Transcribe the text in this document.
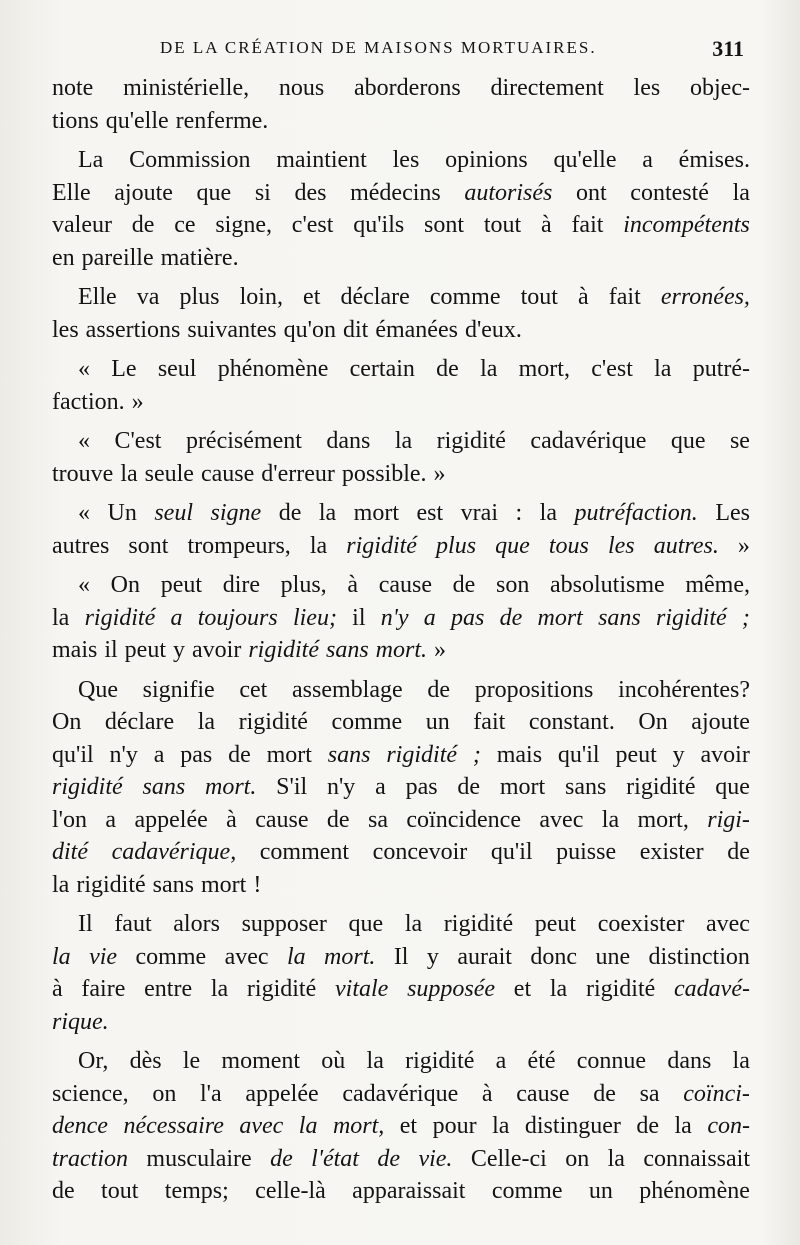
DE LA CRÉATION DE MAISONS MORTUAIRES.	311
note ministérielle, nous aborderons directement les objec-
tions qu'elle renferme.
La Commission maintient les opinions qu'elle a émises.
Elle ajoute que si des médecins autorisés ont contesté la
valeur de ce signe, c'est qu'ils sont tout à fait incompétents
en pareille matière.
Elle va plus loin, et déclare comme tout à fait erronées,
les assertions suivantes qu'on dit émanées d'eux.
« Le seul phénomène certain de la mort, c'est la putré-
faction. »
« C'est précisément dans la rigidité cadavérique que se
trouve la seule cause d'erreur possible. »
« Un seul signe de la mort est vrai : la putréfaction. Les
autres sont trompeurs, la rigidité plus que tous les autres. »
« On peut dire plus, à cause de son absolutisme même,
la rigidité a toujours lieu; il n'y a pas de mort sans rigidité ;
mais il peut y avoir rigidité sans mort. »
Que signifie cet assemblage de propositions incohérentes?
On déclare la rigidité comme un fait constant. On ajoute
qu'il n'y a pas de mort sans rigidité ; mais qu'il peut y avoir
rigidité sans mort. S'il n'y a pas de mort sans rigidité que
l'on a appelée à cause de sa coïncidence avec la mort, rigi-
dité cadavérique, comment concevoir qu'il puisse exister de
la rigidité sans mort !
Il faut alors supposer que la rigidité peut coexister avec
la vie comme avec la mort. Il y aurait donc une distinction
à faire entre la rigidité vitale supposée et la rigidité cadavé-
rique.
Or, dès le moment où la rigidité a été connue dans la
science, on l'a appelée cadavérique à cause de sa coïnci-
dence nécessaire avec la mort, et pour la distinguer de la con-
traction musculaire de l'état de vie. Celle-ci on la connaissait
de tout temps; celle-là apparaissait comme un phénomène
